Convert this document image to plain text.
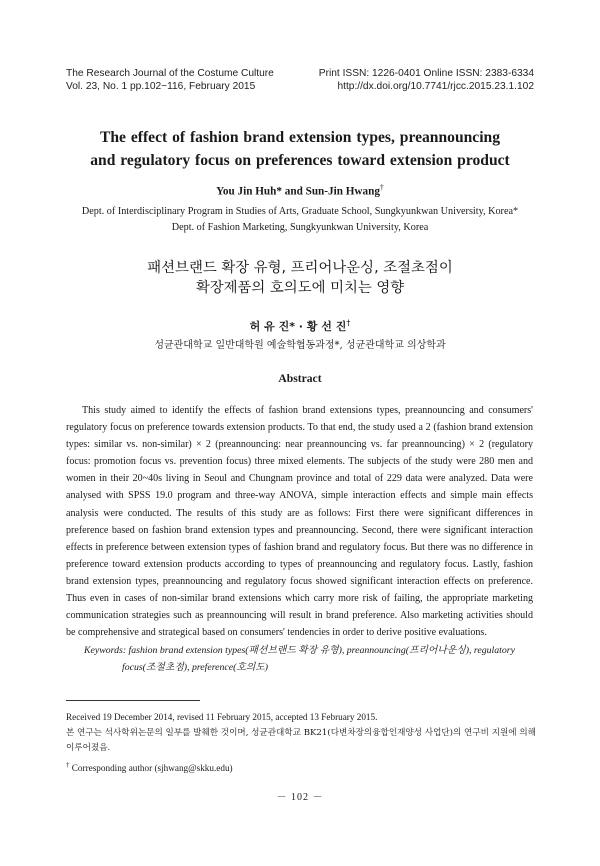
The Research Journal of the Costume Culture
Vol. 23, No. 1 pp.102~116, February 2015
Print ISSN: 1226-0401 Online ISSN: 2383-6334
http://dx.doi.org/10.7741/rjcc.2015.23.1.102
The effect of fashion brand extension types, preannouncing
and regulatory focus on preferences toward extension product
You Jin Huh* and Sun-Jin Hwang†
Dept. of Interdisciplinary Program in Studies of Arts, Graduate School, Sungkyunkwan University, Korea*
Dept. of Fashion Marketing, Sungkyunkwan University, Korea
패션브랜드 확장 유형, 프리어나운싱, 조절초점이
확장제품의 호의도에 미치는 영향
허 유 진* · 황 선 진†
성균관대학교 일반대학원 예술학협동과정*, 성균관대학교 의상학과
Abstract

This study aimed to identify the effects of fashion brand extensions types, preannouncing and consumers' regulatory focus on preference towards extension products. To that end, the study used a 2 (fashion brand extension types: similar vs. non-similar) × 2 (preannouncing: near preannouncing vs. far preannouncing) × 2 (regulatory focus: promotion focus vs. prevention focus) three mixed elements. The subjects of the study were 280 men and women in their 20~40s living in Seoul and Chungnam province and total of 229 data were analyzed. Data were analysed with SPSS 19.0 program and three-way ANOVA, simple interaction effects and simple main effects analysis were conducted. The results of this study are as follows: First there were significant differences in preference based on fashion brand extension types and preannouncing. Second, there were significant interaction effects in preference between extension types of fashion brand and regulatory focus. But there was no difference in preference toward extension products according to types of preannouncing and regulatory focus. Lastly, fashion brand extension types, preannouncing and regulatory focus showed significant interaction effects on preference. Thus even in cases of non-similar brand extensions which carry more risk of failing, the appropriate marketing communication strategies such as preannouncing will result in brand preference. Also marketing activities should be comprehensive and strategical based on consumers' tendencies in order to derive positive evaluations.

Keywords: fashion brand extension types(패션브랜드 확장 유형), preannouncing(프리어나운싱), regulatory
focus(조절초점), preference(호의도)
Received 19 December 2014, revised 11 February 2015, accepted 13 February 2015.
본 연구는 석사학위논문의 일부를 발췌한 것이며, 성균관대학교 BK21(다변차장의융합인재양성 사업단)의 연구비 지원에 의해 이루어졌음.
† Corresponding author (sjhwang@skku.edu)
－ 102 －
